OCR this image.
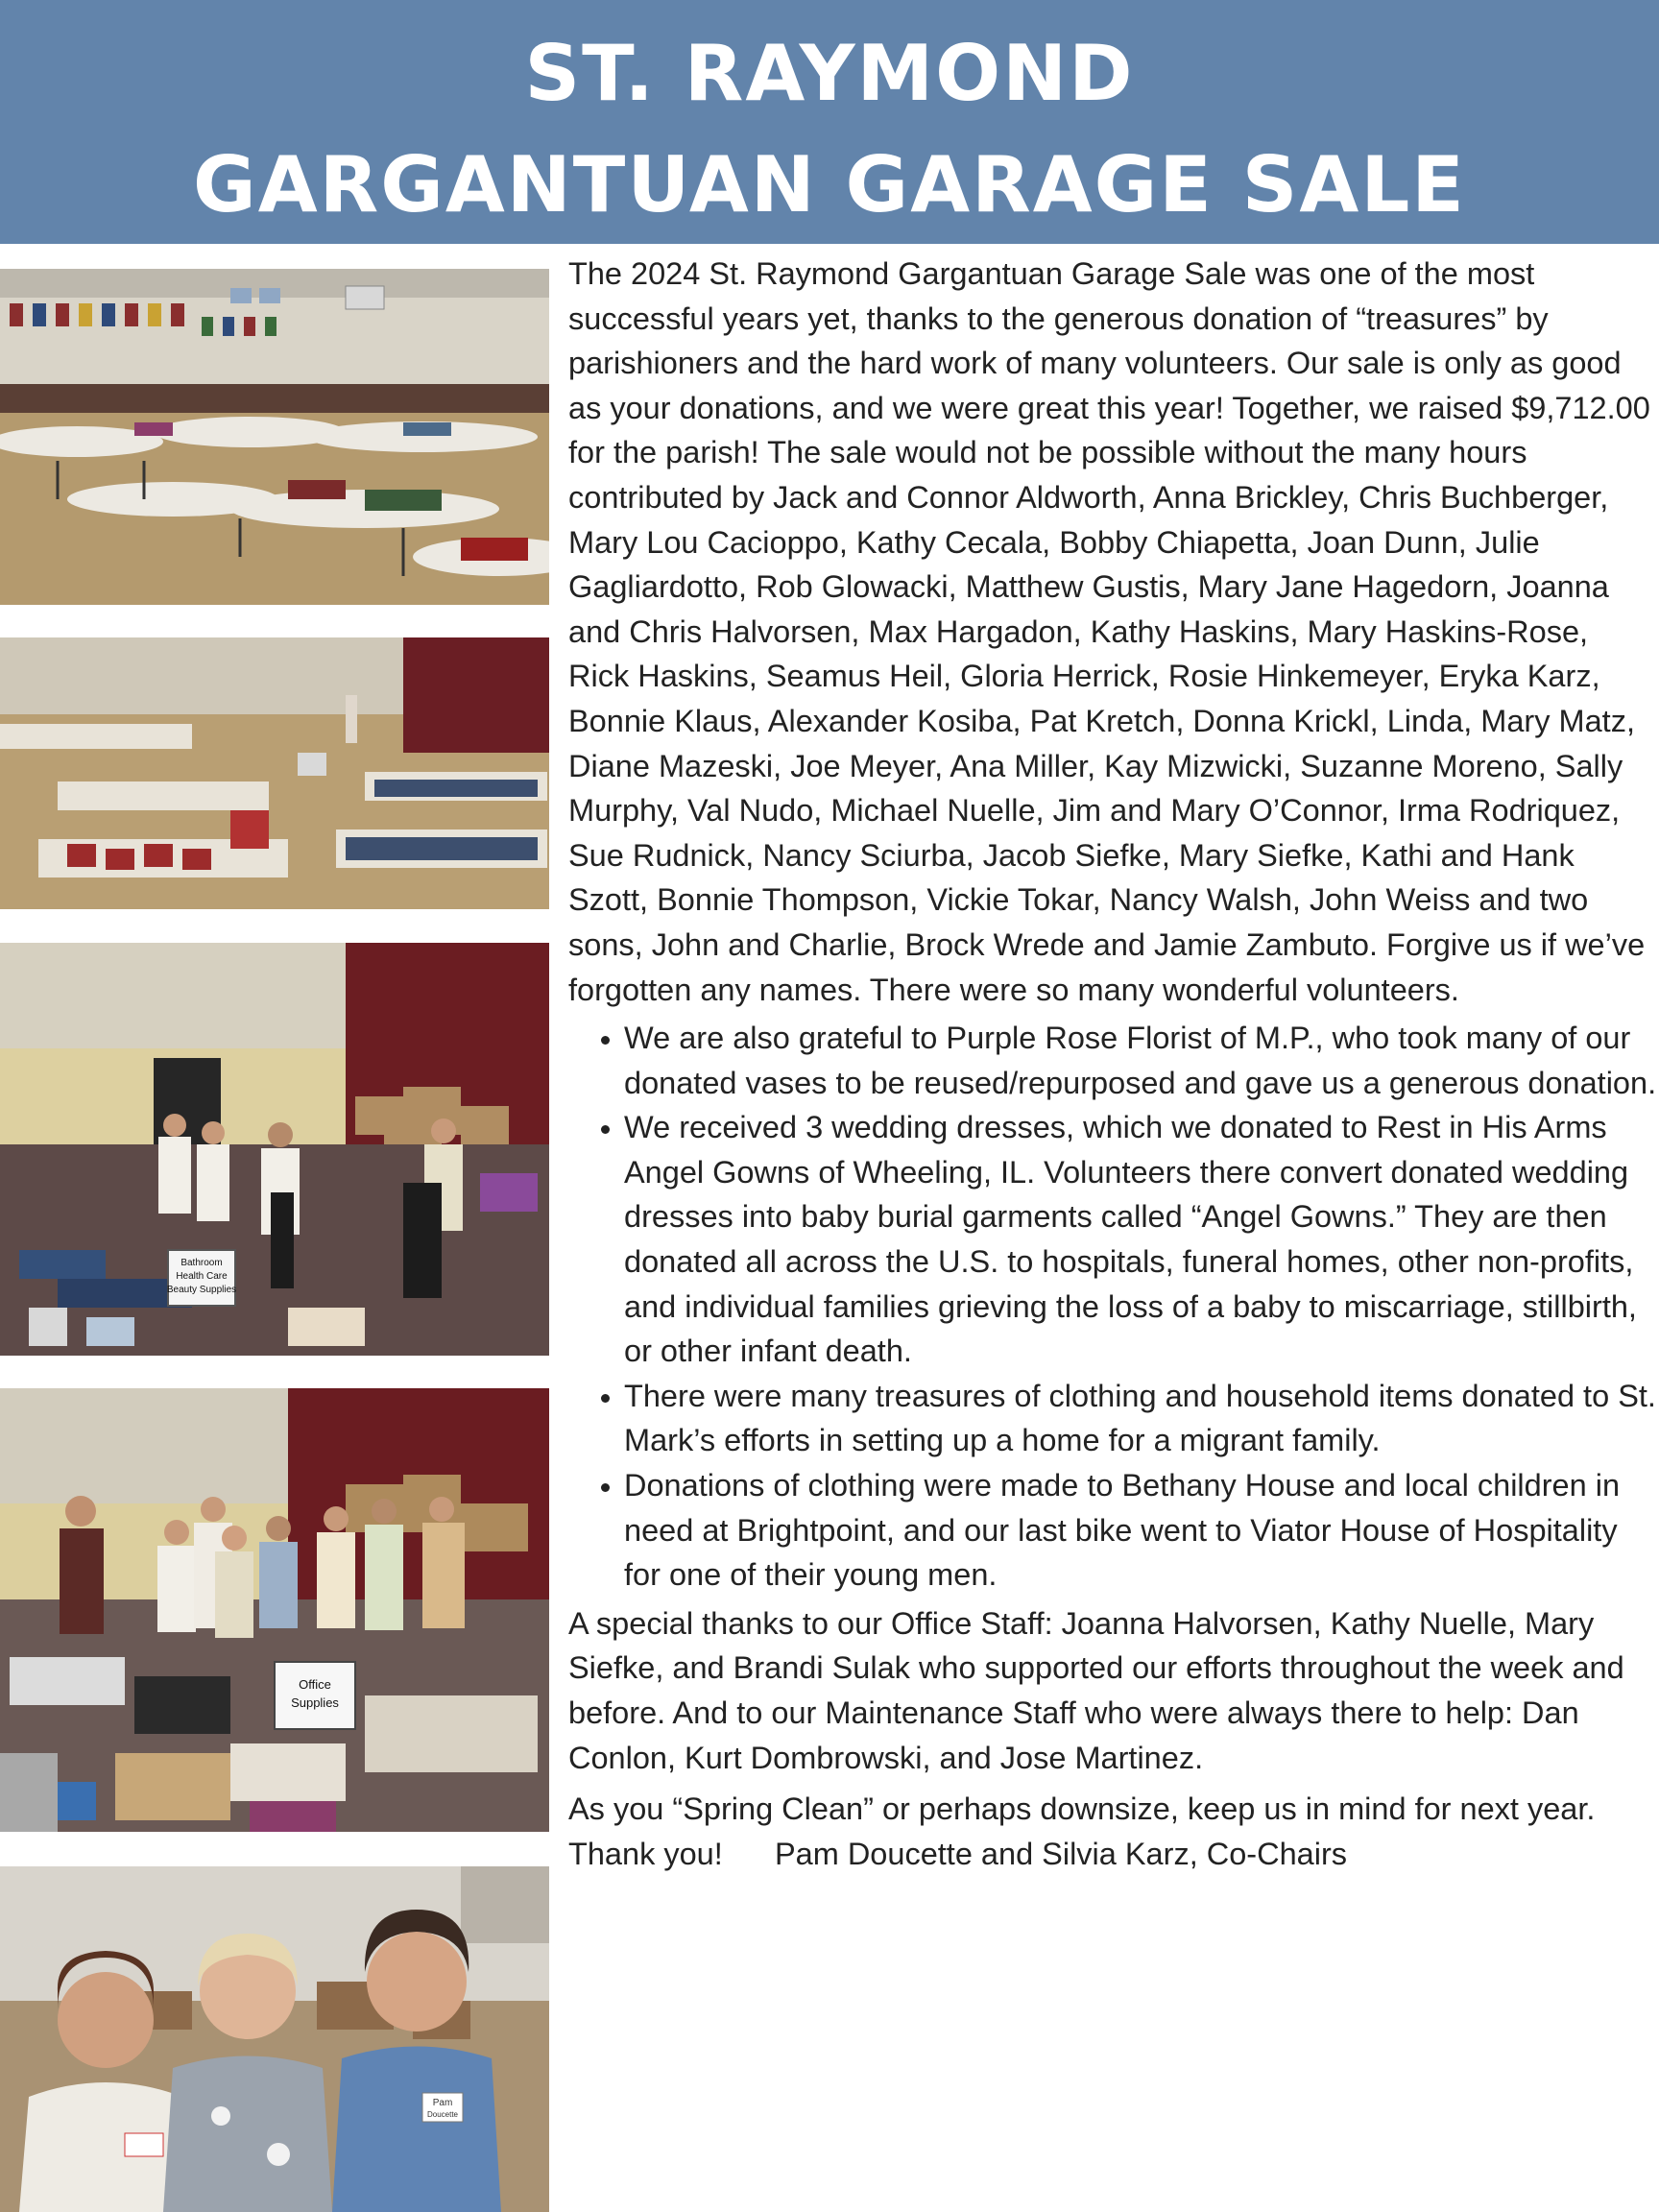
ST. RAYMOND
GARGANTUAN GARAGE SALE
Bathroom
Health Care
Beauty Supplies
Office
Supplies
Pam
Doucette

The 2024 St. Raymond Gargantuan Garage Sale was one of the most successful years yet, thanks to the generous donation of “treasures” by parishioners and the hard work of many volunteers. Our sale is only as good as your donations, and we were great this year! Together, we raised $9,712.00 for the parish! The sale would not be possible without the many hours contributed by Jack and Connor Aldworth, Anna Brickley, Chris Buchberger, Mary Lou Cacioppo, Kathy Cecala, Bobby Chiapetta, Joan Dunn, Julie Gagliardotto, Rob Glowacki, Matthew Gustis, Mary Jane Hagedorn, Joanna and Chris Halvorsen, Max Hargadon, Kathy Haskins, Mary Haskins-Rose, Rick Haskins, Seamus Heil, Gloria Herrick, Rosie Hinkemeyer, Eryka Karz, Bonnie Klaus, Alexander Kosiba, Pat Kretch, Donna Krickl, Linda, Mary Matz, Diane Mazeski, Joe Meyer, Ana Miller, Kay Mizwicki, Suzanne Moreno, Sally Murphy, Val Nudo, Michael Nuelle, Jim and Mary O’Connor, Irma Rodriquez, Sue Rudnick, Nancy Sciurba, Jacob Siefke, Mary Siefke, Kathi and Hank Szott, Bonnie Thompson, Vickie Tokar, Nancy Walsh, John Weiss and two sons, John and Charlie, Brock Wrede and Jamie Zambuto. Forgive us if we’ve forgotten any names. There were so many wonderful volunteers.

• We are also grateful to Purple Rose Florist of M.P., who took many of our donated vases to be reused/repurposed and gave us a generous donation.
• We received 3 wedding dresses, which we donated to Rest in His Arms Angel Gowns of Wheeling, IL. Volunteers there convert donated wedding dresses into baby burial garments called “Angel Gowns.” They are then donated all across the U.S. to hospitals, funeral homes, other non-profits, and individual families grieving the loss of a baby to miscarriage, stillbirth, or other infant death.
• There were many treasures of clothing and household items donated to St. Mark’s efforts in setting up a home for a migrant family.
• Donations of clothing were made to Bethany House and local children in need at Brightpoint, and our last bike went to Viator House of Hospitality for one of their young men.

A special thanks to our Office Staff: Joanna Halvorsen, Kathy Nuelle, Mary Siefke, and Brandi Sulak who supported our efforts throughout the week and before. And to our Maintenance Staff who were always there to help: Dan Conlon, Kurt Dombrowski, and Jose Martinez.

As you “Spring Clean” or perhaps downsize, keep us in mind for next year.   Thank you!      Pam Doucette and Silvia Karz, Co-Chairs
